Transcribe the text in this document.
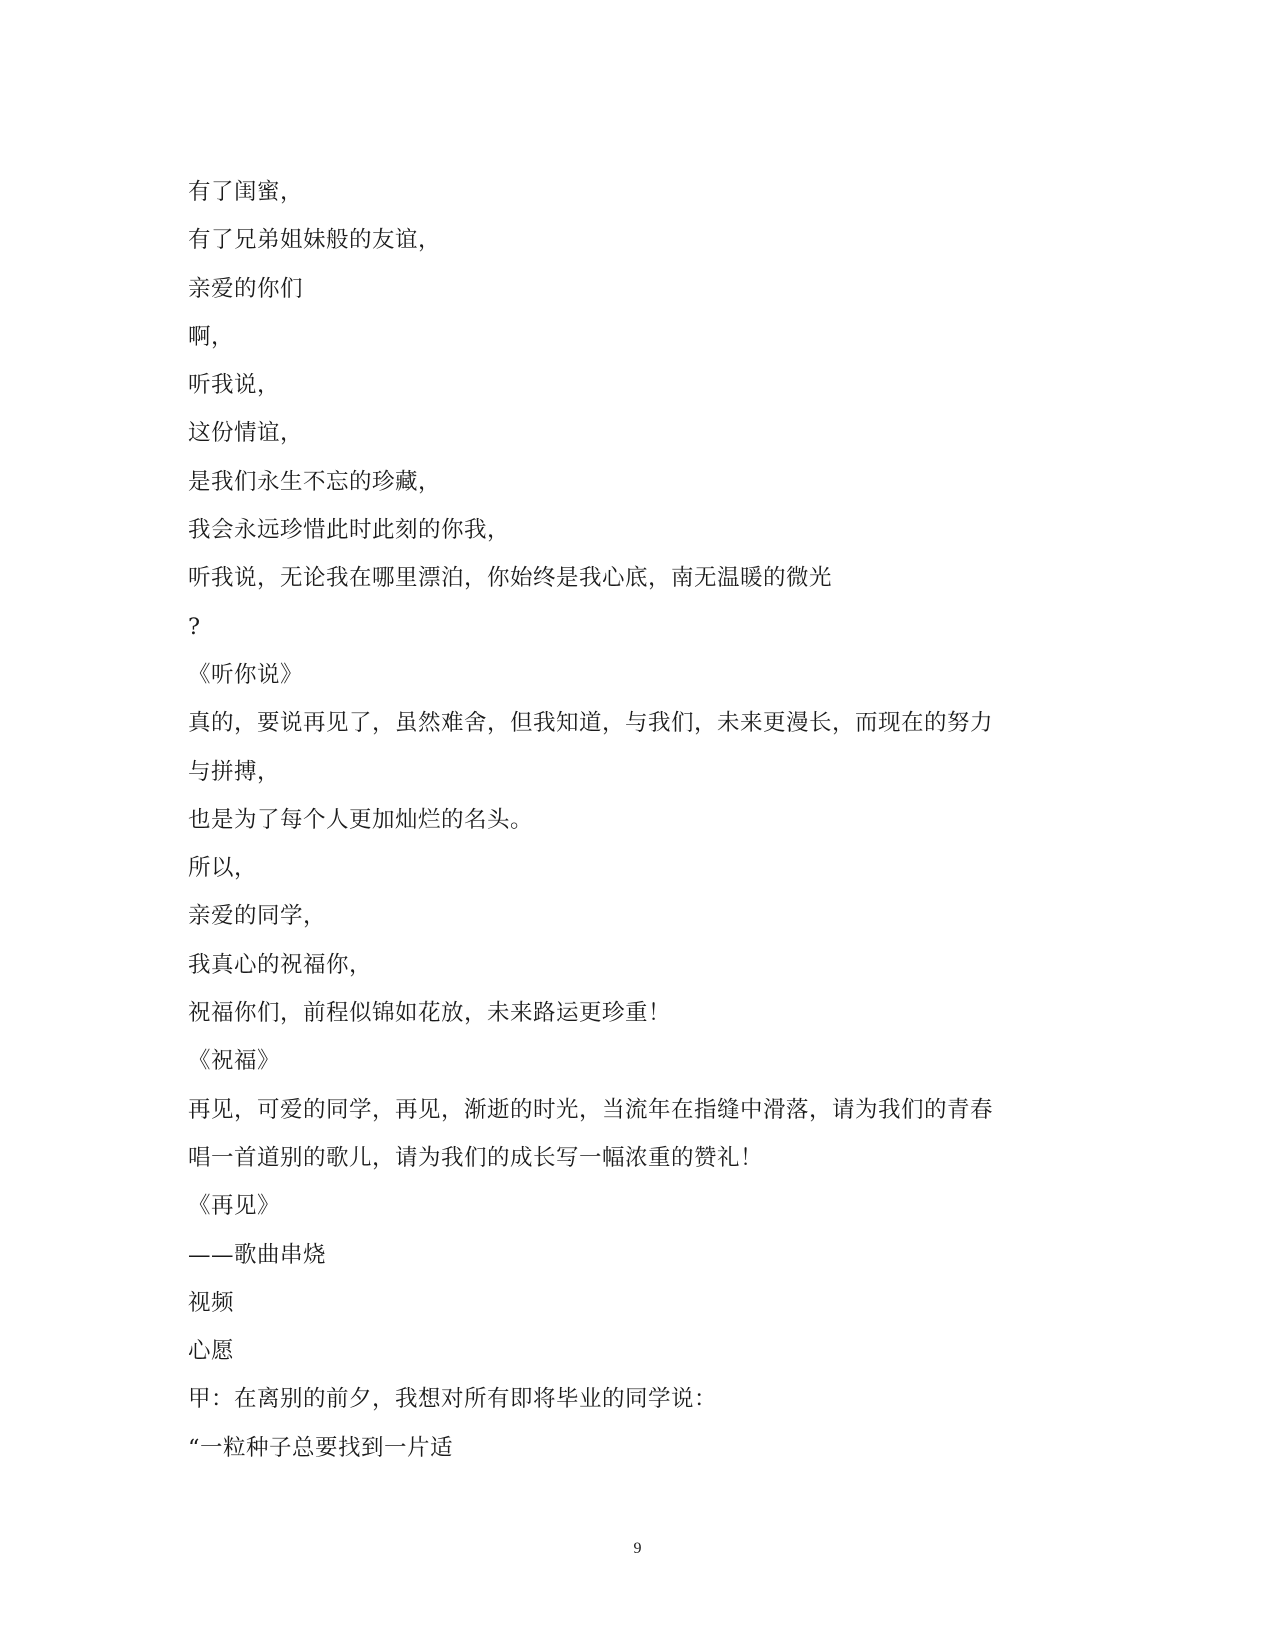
有了闺蜜，
有了兄弟姐妹般的友谊，
亲爱的你们
啊，
听我说，
这份情谊，
是我们永生不忘的珍藏，
我会永远珍惜此时此刻的你我，
听我说，无论我在哪里漂泊，你始终是我心底，南无温暖的微光
?
《听你说》
真的，要说再见了，虽然难舍，但我知道，与我们，未来更漫长，而现在的努力
与拼搏，
也是为了每个人更加灿烂的名头。
所以，
亲爱的同学，
我真心的祝福你，
祝福你们，前程似锦如花放，未来路运更珍重！
《祝福》
再见，可爱的同学，再见，渐逝的时光，当流年在指缝中滑落，请为我们的青春
唱一首道别的歌儿，请为我们的成长写一幅浓重的赞礼！
《再见》
——歌曲串烧
视频
心愿
甲：在离别的前夕，我想对所有即将毕业的同学说：
“一粒种子总要找到一片适
9
